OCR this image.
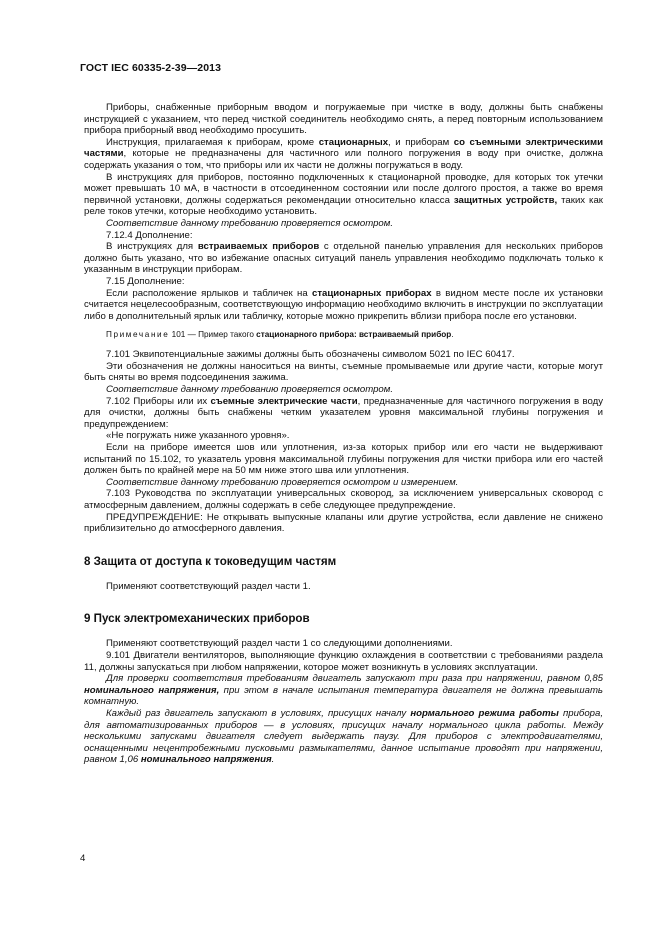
ГОСТ IEC 60335-2-39—2013

Приборы, снабженные приборным вводом и погружаемые при чистке в воду, должны быть снабжены инструкцией с указанием, что перед чисткой соединитель необходимо снять, а перед повторным использованием прибора приборный ввод необходимо просушить.

Инструкция, прилагаемая к приборам, кроме стационарных, и приборам со съемными электрическими частями, которые не предназначены для частичного или полного погружения в воду при очистке, должна содержать указания о том, что приборы или их части не должны погружаться в воду.

В инструкциях для приборов, постоянно подключенных к стационарной проводке, для которых ток утечки может превышать 10 мА, в частности в отсоединенном состоянии или после долгого простоя, а также во время первичной установки, должны содержаться рекомендации относительно класса защитных устройств, таких как реле токов утечки, которые необходимо установить.

Соответствие данному требованию проверяется осмотром.

7.12.4 Дополнение:

В инструкциях для встраиваемых приборов с отдельной панелью управления для нескольких приборов должно быть указано, что во избежание опасных ситуаций панель управления необходимо подключать только к указанным в инструкции приборам.

7.15 Дополнение:

Если расположение ярлыков и табличек на стационарных приборах в видном месте после их установки считается нецелесообразным, соответствующую информацию необходимо включить в инструкции по эксплуатации либо в дополнительный ярлык или табличку, которые можно прикрепить вблизи прибора после его установки.

Примечание 101 — Пример такого стационарного прибора: встраиваемый прибор.

7.101 Эквипотенциальные зажимы должны быть обозначены символом 5021 по IEC 60417.

Эти обозначения не должны наноситься на винты, съемные промываемые или другие части, которые могут быть сняты во время подсоединения зажима.

Соответствие данному требованию проверяется осмотром.

7.102 Приборы или их съемные электрические части, предназначенные для частичного погружения в воду для очистки, должны быть снабжены четким указателем уровня максимальной глубины погружения и предупреждением:

«Не погружать ниже указанного уровня».

Если на приборе имеется шов или уплотнения, из-за которых прибор или его части не выдерживают испытаний по 15.102, то указатель уровня максимальной глубины погружения для чистки прибора или его частей должен быть по крайней мере на 50 мм ниже этого шва или уплотнения.

Соответствие данному требованию проверяется осмотром и измерением.

7.103 Руководства по эксплуатации универсальных сковород, за исключением универсальных сковород с атмосферным давлением, должны содержать в себе следующее предупреждение.

ПРЕДУПРЕЖДЕНИЕ: Не открывать выпускные клапаны или другие устройства, если давление не снижено приблизительно до атмосферного давления.

8 Защита от доступа к токоведущим частям

Применяют соответствующий раздел части 1.

9 Пуск электромеханических приборов

Применяют соответствующий раздел части 1 со следующими дополнениями.

9.101 Двигатели вентиляторов, выполняющие функцию охлаждения в соответствии с требованиями раздела 11, должны запускаться при любом напряжении, которое может возникнуть в условиях эксплуатации.

Для проверки соответствия требованиям двигатель запускают три раза при напряжении, равном 0,85 номинального напряжения, при этом в начале испытания температура двигателя не должна превышать комнатную.

Каждый раз двигатель запускают в условиях, присущих началу нормального режима работы прибора, для автоматизированных приборов — в условиях, присущих началу нормального цикла работы. Между несколькими запусками двигателя следует выдержать паузу. Для приборов с электродвигателями, оснащенными нецентробежными пусковыми размыкателями, данное испытание проводят при напряжении, равном 1,06 номинального напряжения.

4
